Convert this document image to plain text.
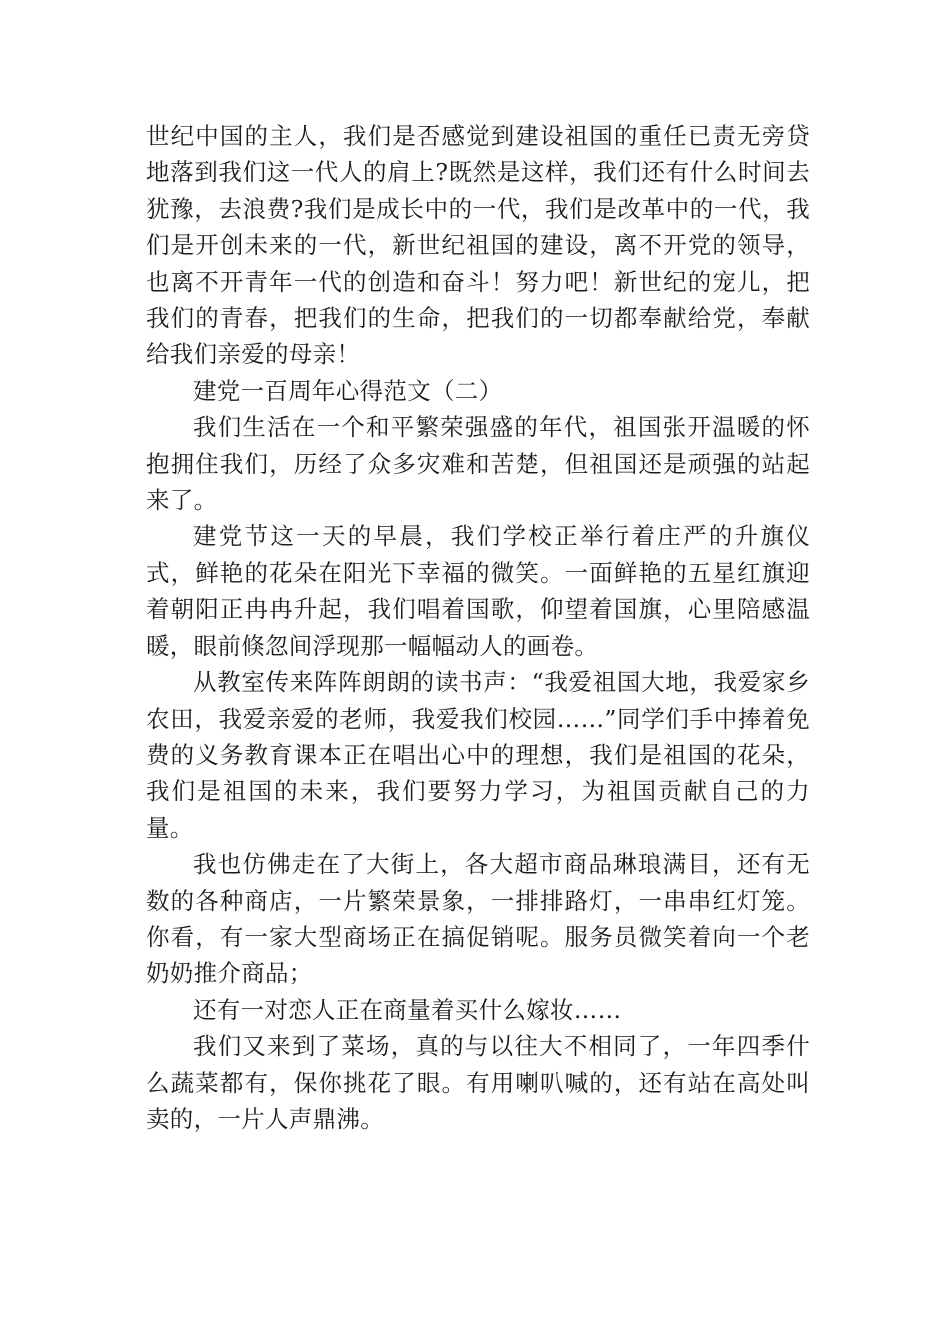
世纪中国的主人，我们是否感觉到建设祖国的重任已责无旁贷地落到我们这一代人的肩上?既然是这样，我们还有什么时间去犹豫，去浪费?我们是成长中的一代，我们是改革中的一代，我们是开创未来的一代，新世纪祖国的建设，离不开党的领导，也离不开青年一代的创造和奋斗！努力吧！新世纪的宠儿，把我们的青春，把我们的生命，把我们的一切都奉献给党，奉献给我们亲爱的母亲！

建党一百周年心得范文（二）

我们生活在一个和平繁荣强盛的年代，祖国张开温暖的怀抱拥住我们，历经了众多灾难和苦楚，但祖国还是顽强的站起来了。

建党节这一天的早晨，我们学校正举行着庄严的升旗仪式，鲜艳的花朵在阳光下幸福的微笑。一面鲜艳的五星红旗迎着朝阳正冉冉升起，我们唱着国歌，仰望着国旗，心里陪感温暖，眼前倏忽间浮现那一幅幅动人的画卷。

从教室传来阵阵朗朗的读书声：“我爱祖国大地，我爱家乡农田，我爱亲爱的老师，我爱我们校园……”同学们手中捧着免费的义务教育课本正在唱出心中的理想，我们是祖国的花朵，我们是祖国的未来，我们要努力学习，为祖国贡献自己的力量。

我也仿佛走在了大街上，各大超市商品琳琅满目，还有无数的各种商店，一片繁荣景象，一排排路灯，一串串红灯笼。你看，有一家大型商场正在搞促销呢。服务员微笑着向一个老奶奶推介商品；

还有一对恋人正在商量着买什么嫁妆……

我们又来到了菜场，真的与以往大不相同了，一年四季什么蔬菜都有，保你挑花了眼。有用喇叭喊的，还有站在高处叫卖的，一片人声鼎沸。
